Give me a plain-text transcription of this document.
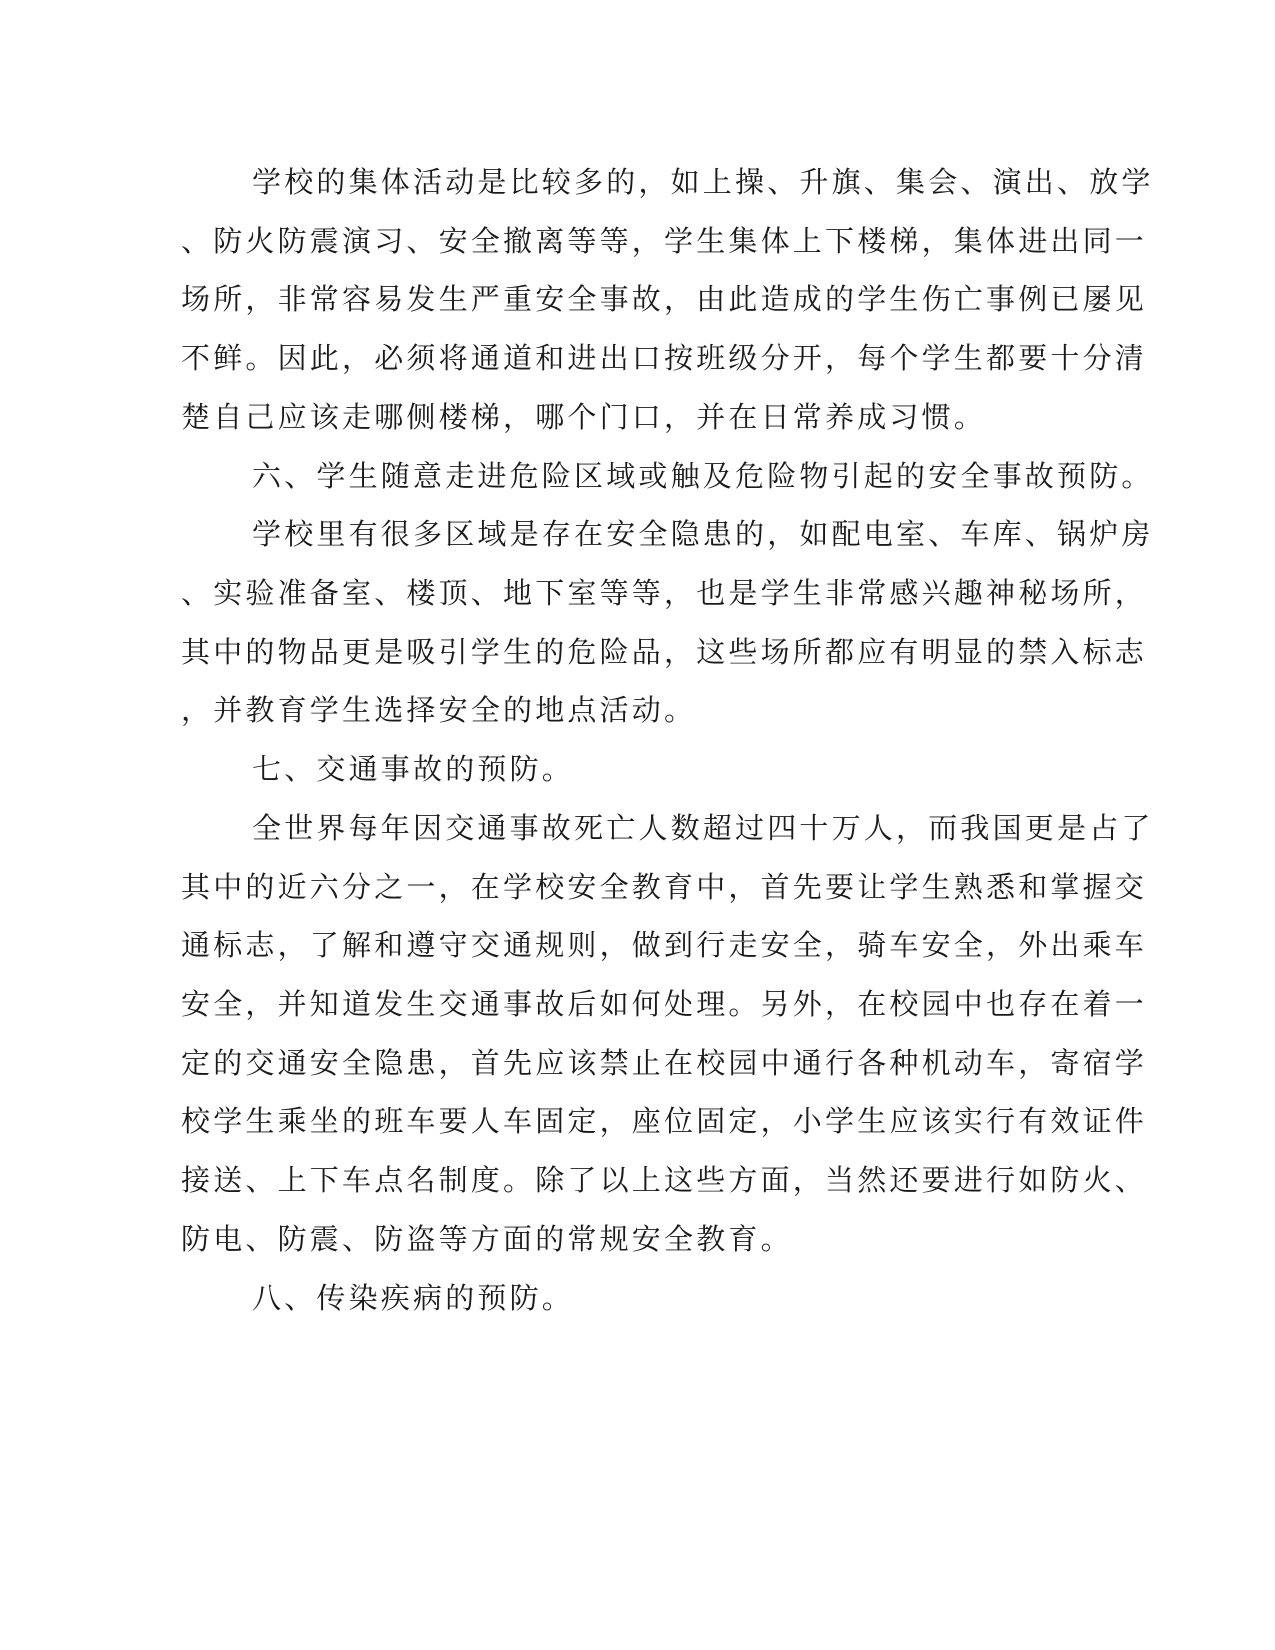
学校的集体活动是比较多的，如上操、升旗、集会、演出、放学
、防火防震演习、安全撤离等等，学生集体上下楼梯，集体进出同一
场所，非常容易发生严重安全事故，由此造成的学生伤亡事例已屡见
不鲜。因此，必须将通道和进出口按班级分开，每个学生都要十分清
楚自己应该走哪侧楼梯，哪个门口，并在日常养成习惯。
六、学生随意走进危险区域或触及危险物引起的安全事故预防。
学校里有很多区域是存在安全隐患的，如配电室、车库、锅炉房
、实验准备室、楼顶、地下室等等，也是学生非常感兴趣神秘场所，
其中的物品更是吸引学生的危险品，这些场所都应有明显的禁入标志
，并教育学生选择安全的地点活动。
七、交通事故的预防。
全世界每年因交通事故死亡人数超过四十万人，而我国更是占了
其中的近六分之一，在学校安全教育中，首先要让学生熟悉和掌握交
通标志，了解和遵守交通规则，做到行走安全，骑车安全，外出乘车
安全，并知道发生交通事故后如何处理。另外，在校园中也存在着一
定的交通安全隐患，首先应该禁止在校园中通行各种机动车，寄宿学
校学生乘坐的班车要人车固定，座位固定，小学生应该实行有效证件
接送、上下车点名制度。除了以上这些方面，当然还要进行如防火、
防电、防震、防盗等方面的常规安全教育。
八、传染疾病的预防。
